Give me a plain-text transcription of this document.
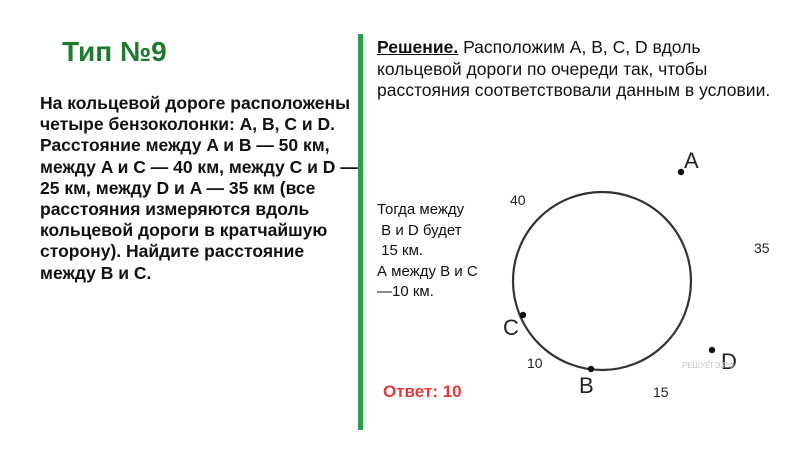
Тип №9

На кольцевой дороге расположены четыре бензоколонки: A, B, C и D. Расстояние между A и B — 50 км, между A и C — 40 км, между C и D — 25 км, между D и A — 35 км (все расстояния измеряются вдоль кольцевой дороги в кратчайшую сторону). Найдите расстояние между B и C.

Решение. Расположим A, B, C, D вдоль кольцевой дороги по очереди так, чтобы расстояния соответствовали данным в условии.

Тогда между
B и D будет
15 км.
А между B и C
—10 км.

Ответ: 10
A
C
B
D
40
35
10
15
РЕШУЕГЭ.РФ
